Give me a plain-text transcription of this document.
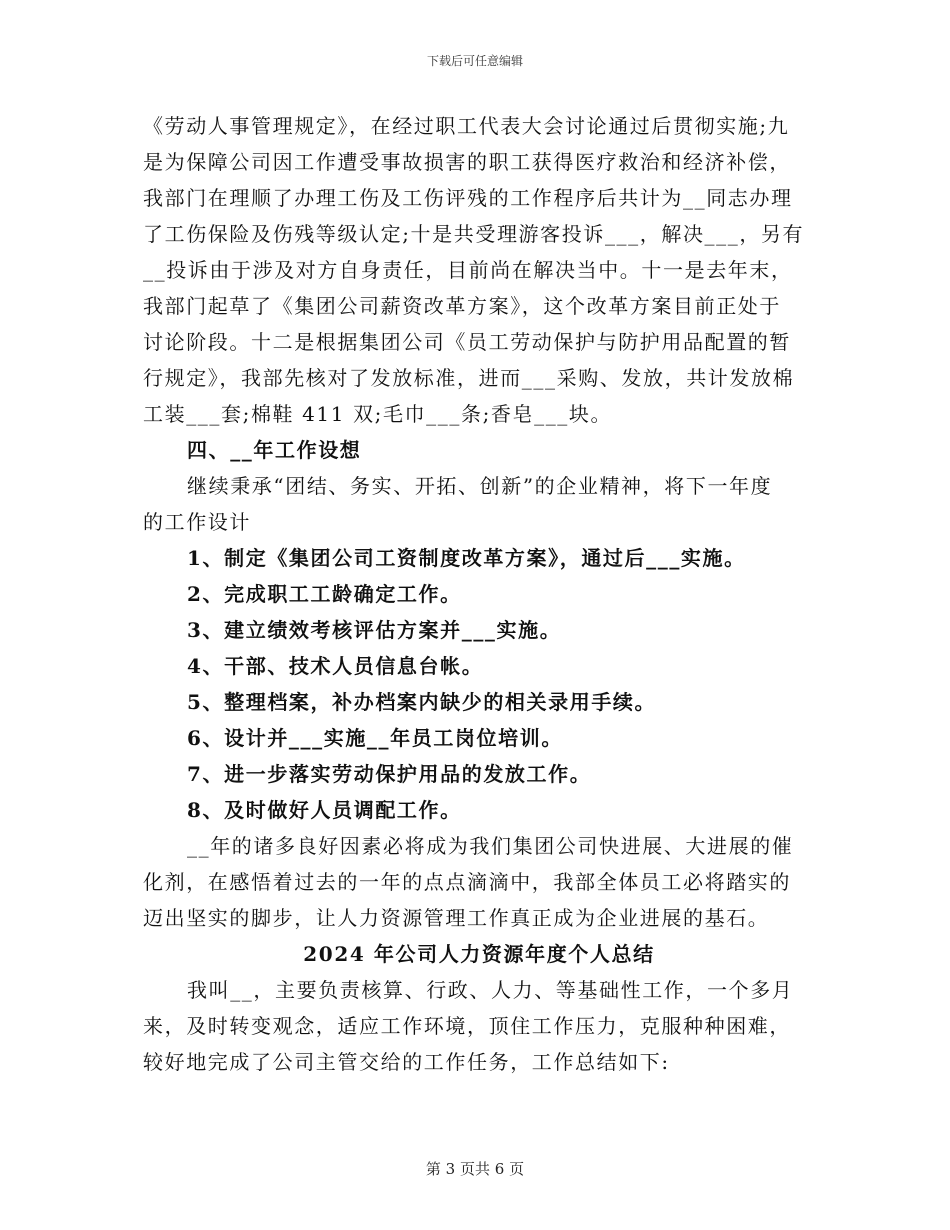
下载后可任意编辑
《劳动人事管理规定》，在经过职工代表大会讨论通过后贯彻实施;九
是为保障公司因工作遭受事故损害的职工获得医疗救治和经济补偿，
我部门在理顺了办理工伤及工伤评残的工作程序后共计为__同志办理
了工伤保险及伤残等级认定;十是共受理游客投诉___，解决___，另有
__投诉由于涉及对方自身责任，目前尚在解决当中。十一是去年末，
我部门起草了《集团公司薪资改革方案》，这个改革方案目前正处于
讨论阶段。十二是根据集团公司《员工劳动保护与防护用品配置的暂
行规定》，我部先核对了发放标准，进而___采购、发放，共计发放棉
工装___套;棉鞋 411 双;毛巾___条;香皂___块。
四、__年工作设想
继续秉承“团结、务实、开拓、创新”的企业精神，将下一年度
的工作设计
1、制定《集团公司工资制度改革方案》，通过后___实施。
2、完成职工工龄确定工作。
3、建立绩效考核评估方案并___实施。
4、干部、技术人员信息台帐。
5、整理档案，补办档案内缺少的相关录用手续。
6、设计并___实施__年员工岗位培训。
7、进一步落实劳动保护用品的发放工作。
8、及时做好人员调配工作。
__年的诸多良好因素必将成为我们集团公司快进展、大进展的催
化剂，在感悟着过去的一年的点点滴滴中，我部全体员工必将踏实的
迈出坚实的脚步，让人力资源管理工作真正成为企业进展的基石。
2024 年公司人力资源年度个人总结
我叫__，主要负责核算、行政、人力、等基础性工作，一个多月
来，及时转变观念，适应工作环境，顶住工作压力，克服种种困难，
较好地完成了公司主管交给的工作任务，工作总结如下:
第 3 页共 6 页
